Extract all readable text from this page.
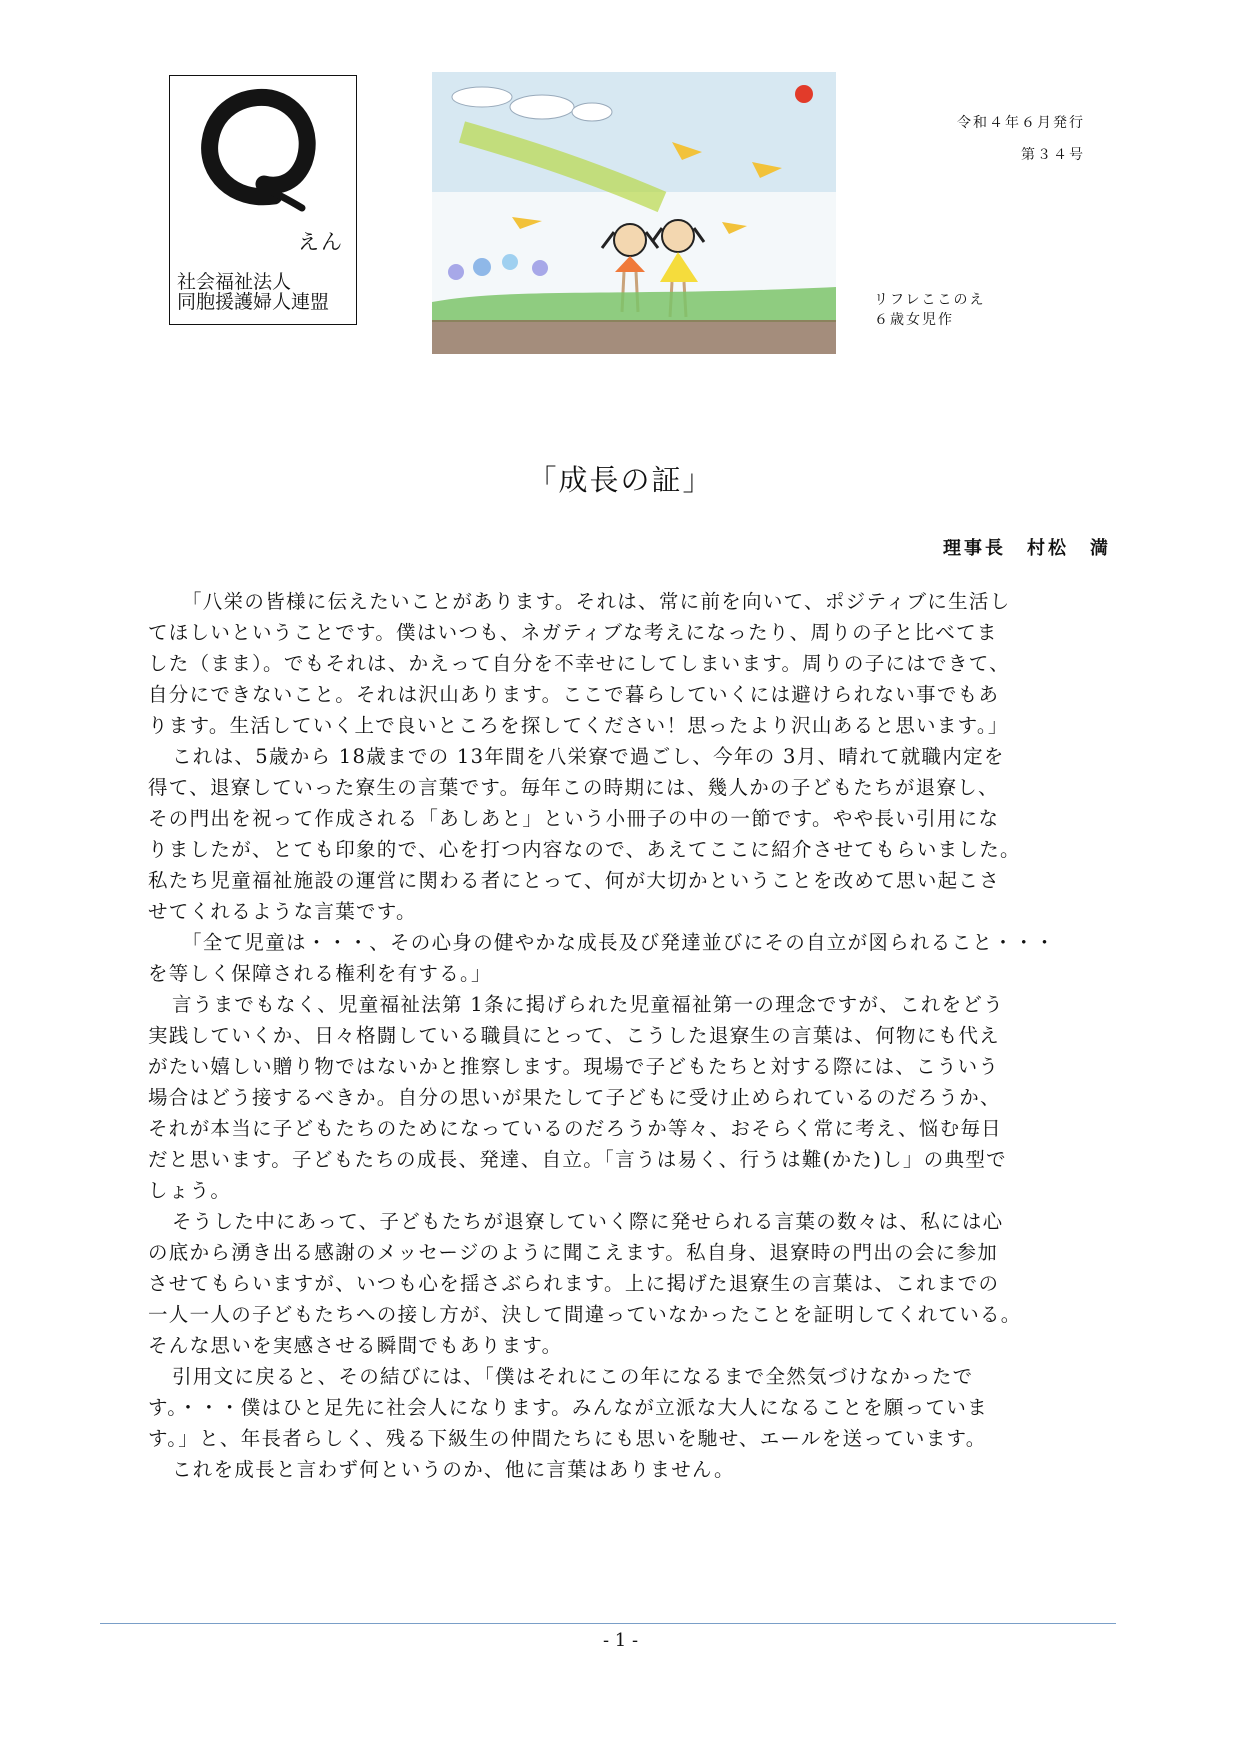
えん
社会福祉法人
同胞援護婦人連盟
令和４年６月発行
第３４号
リフレここのえ
６歳女児作
「成長の証」
理事長　村松　満
「八栄の皆様に伝えたいことがあります。それは、常に前を向いて、ポジティブに生活し
てほしいということです。僕はいつも、ネガティブな考えになったり、周りの子と比べてま
した（まま）。でもそれは、かえって自分を不幸せにしてしまいます。周りの子にはできて、
自分にできないこと。それは沢山あります。ここで暮らしていくには避けられない事でもあ
ります。生活していく上で良いところを探してください！思ったより沢山あると思います。」
これは、5歳から 18歳までの 13年間を八栄寮で過ごし、今年の 3月、晴れて就職内定を
得て、退寮していった寮生の言葉です。毎年この時期には、幾人かの子どもたちが退寮し、
その門出を祝って作成される「あしあと」という小冊子の中の一節です。やや長い引用にな
りましたが、とても印象的で、心を打つ内容なので、あえてここに紹介させてもらいました。
私たち児童福祉施設の運営に関わる者にとって、何が大切かということを改めて思い起こさ
せてくれるような言葉です。
「全て児童は・・・、その心身の健やかな成長及び発達並びにその自立が図られること・・・
を等しく保障される権利を有する。」
言うまでもなく、児童福祉法第 1条に掲げられた児童福祉第一の理念ですが、これをどう
実践していくか、日々格闘している職員にとって、こうした退寮生の言葉は、何物にも代え
がたい嬉しい贈り物ではないかと推察します。現場で子どもたちと対する際には、こういう
場合はどう接するべきか。自分の思いが果たして子どもに受け止められているのだろうか、
それが本当に子どもたちのためになっているのだろうか等々、おそらく常に考え、悩む毎日
だと思います。子どもたちの成長、発達、自立。「言うは易く、行うは難(かた)し」の典型で
しょう。
そうした中にあって、子どもたちが退寮していく際に発せられる言葉の数々は、私には心
の底から湧き出る感謝のメッセージのように聞こえます。私自身、退寮時の門出の会に参加
させてもらいますが、いつも心を揺さぶられます。上に掲げた退寮生の言葉は、これまでの
一人一人の子どもたちへの接し方が、決して間違っていなかったことを証明してくれている。
そんな思いを実感させる瞬間でもあります。
引用文に戻ると、その結びには、「僕はそれにこの年になるまで全然気づけなかったで
す。・・・僕はひと足先に社会人になります。みんなが立派な大人になることを願っていま
す。」と、年長者らしく、残る下級生の仲間たちにも思いを馳せ、エールを送っています。
これを成長と言わず何というのか、他に言葉はありません。
- 1 -
